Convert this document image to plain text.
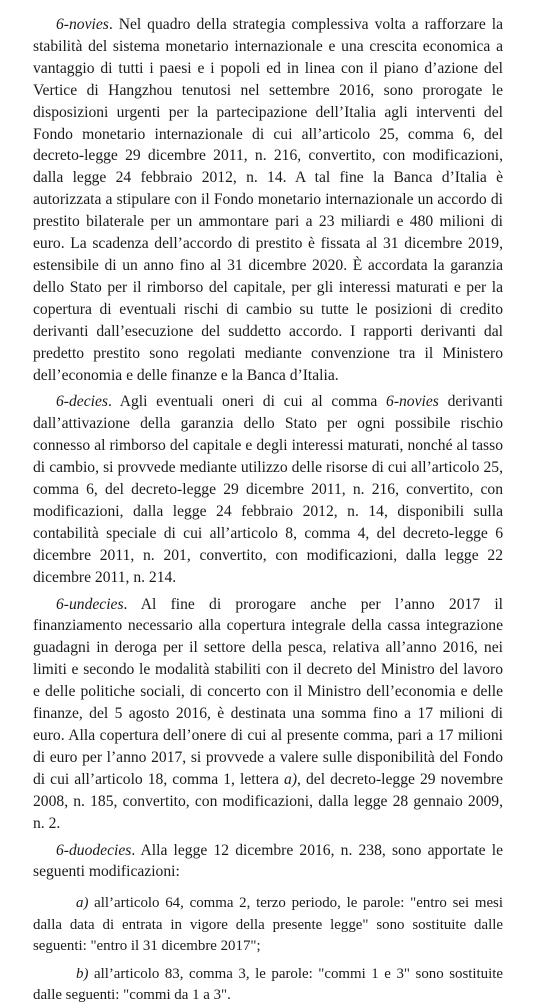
6-novies. Nel quadro della strategia complessiva volta a rafforzare la stabilità del sistema monetario internazionale e una crescita economica a vantaggio di tutti i paesi e i popoli ed in linea con il piano d’azione del Vertice di Hangzhou tenutosi nel settembre 2016, sono prorogate le disposizioni urgenti per la partecipazione dell’Italia agli interventi del Fondo monetario internazionale di cui all’articolo 25, comma 6, del decreto-legge 29 dicembre 2011, n. 216, convertito, con modificazioni, dalla legge 24 febbraio 2012, n. 14. A tal fine la Banca d’Italia è autorizzata a stipulare con il Fondo monetario internazionale un accordo di prestito bilaterale per un ammontare pari a 23 miliardi e 480 milioni di euro. La scadenza dell’accordo di prestito è fissata al 31 dicembre 2019, estensibile di un anno fino al 31 dicembre 2020. È accordata la garanzia dello Stato per il rimborso del capitale, per gli interessi maturati e per la copertura di eventuali rischi di cambio su tutte le posizioni di credito derivanti dall’esecuzione del suddetto accordo. I rapporti derivanti dal predetto prestito sono regolati mediante convenzione tra il Ministero dell’economia e delle finanze e la Banca d’Italia.

6-decies. Agli eventuali oneri di cui al comma 6-novies derivanti dall’attivazione della garanzia dello Stato per ogni possibile rischio connesso al rimborso del capitale e degli interessi maturati, nonché al tasso di cambio, si provvede mediante utilizzo delle risorse di cui all’articolo 25, comma 6, del decreto-legge 29 dicembre 2011, n. 216, convertito, con modificazioni, dalla legge 24 febbraio 2012, n. 14, disponibili sulla contabilità speciale di cui all’articolo 8, comma 4, del decreto-legge 6 dicembre 2011, n. 201, convertito, con modificazioni, dalla legge 22 dicembre 2011, n. 214.

6-undecies. Al fine di prorogare anche per l’anno 2017 il finanziamento necessario alla copertura integrale della cassa integrazione guadagni in deroga per il settore della pesca, relativa all’anno 2016, nei limiti e secondo le modalità stabiliti con il decreto del Ministro del lavoro e delle politiche sociali, di concerto con il Ministro dell’economia e delle finanze, del 5 agosto 2016, è destinata una somma fino a 17 milioni di euro. Alla copertura dell’onere di cui al presente comma, pari a 17 milioni di euro per l’anno 2017, si provvede a valere sulle disponibilità del Fondo di cui all’articolo 18, comma 1, lettera a), del decreto-legge 29 novembre 2008, n. 185, convertito, con modificazioni, dalla legge 28 gennaio 2009, n. 2.

6-duodecies. Alla legge 12 dicembre 2016, n. 238, sono apportate le seguenti modificazioni:

a) all’articolo 64, comma 2, terzo periodo, le parole: "entro sei mesi dalla data di entrata in vigore della presente legge" sono sostituite dalle seguenti: "entro il 31 dicembre 2017";

b) all’articolo 83, comma 3, le parole: "commi 1 e 3" sono sostituite dalle seguenti: "commi da 1 a 3".
